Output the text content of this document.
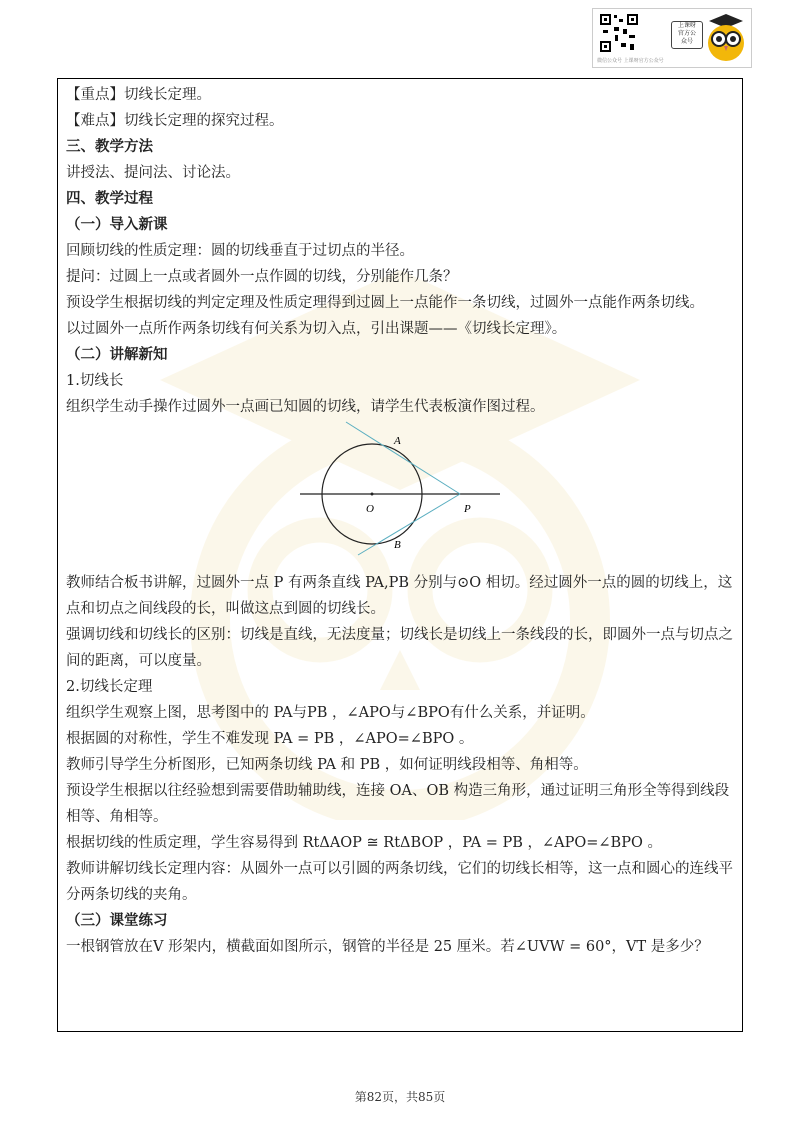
上课呀
官方公
众号
微信公众号 上课呀官方公众号
【重点】切线长定理。
【难点】切线长定理的探究过程。
三、教学方法
讲授法、提问法、讨论法。
四、教学过程
（一）导入新课
回顾切线的性质定理：圆的切线垂直于过切点的半径。
提问：过圆上一点或者圆外一点作圆的切线，分别能作几条？
预设学生根据切线的判定定理及性质定理得到过圆上一点能作一条切线，过圆外一点能作两条切线。
以过圆外一点所作两条切线有何关系为切入点，引出课题——《切线长定理》。
（二）讲解新知
1.切线长
组织学生动手操作过圆外一点画已知圆的切线，请学生代表板演作图过程。
A
O	P
B
教师结合板书讲解，过圆外一点 P 有两条直线 PA,PB 分别与⊙O 相切。经过圆外一点的圆的切线上，这点和切点之间线段的长，叫做这点到圆的切线长。
强调切线和切线长的区别：切线是直线，无法度量；切线长是切线上一条线段的长，即圆外一点与切点之间的距离，可以度量。
2.切线长定理
组织学生观察上图，思考图中的 PA与PB ，∠APO与∠BPO有什么关系，并证明。
根据圆的对称性，学生不难发现 PA = PB ，∠APO=∠BPO 。
教师引导学生分析图形，已知两条切线 PA 和 PB ，如何证明线段相等、角相等。
预设学生根据以往经验想到需要借助辅助线，连接 OA、OB 构造三角形，通过证明三角形全等得到线段相等、角相等。
根据切线的性质定理，学生容易得到 RtΔAOP ≅ RtΔBOP ，PA = PB ，∠APO=∠BPO 。
教师讲解切线长定理内容：从圆外一点可以引圆的两条切线，它们的切线长相等，这一点和圆心的连线平分两条切线的夹角。
（三）课堂练习
一根钢管放在V 形架内，横截面如图所示，钢管的半径是 25 厘米。若∠UVW = 60°，VT 是多少？
第82页，共85页
